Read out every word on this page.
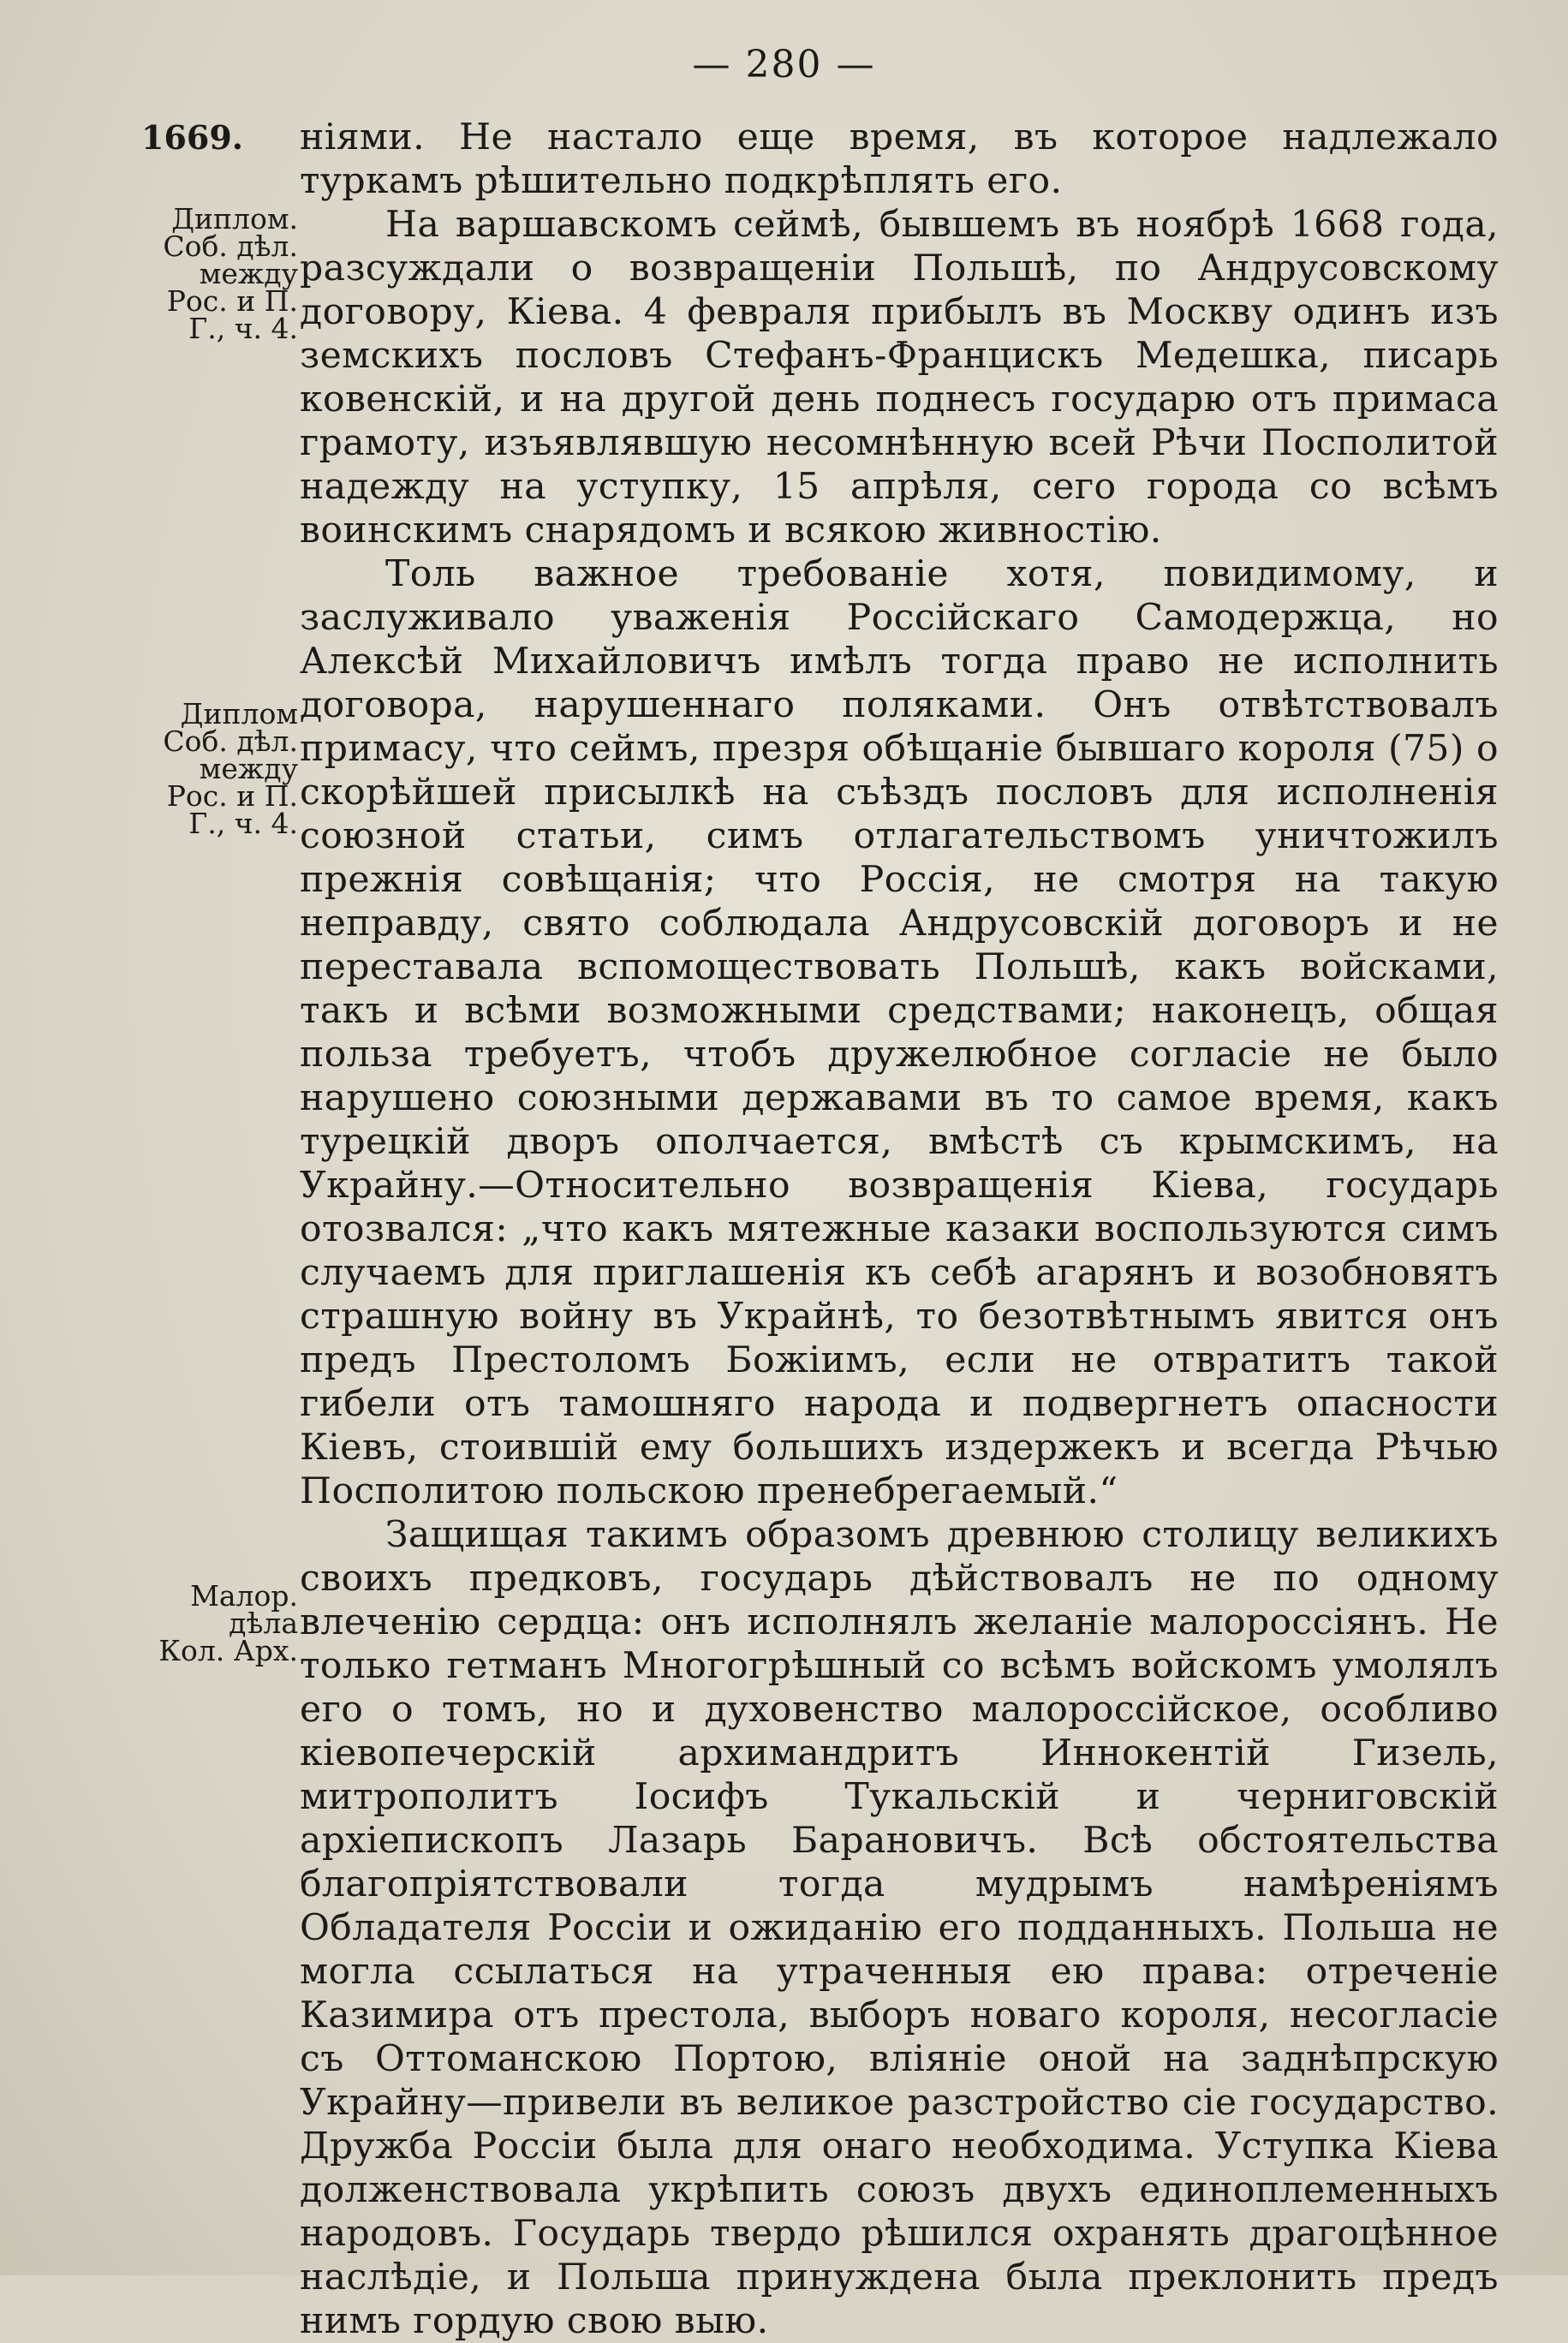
— 280 —
1669.
Диплом.
Соб. дѣл.
между
Рос. и П.
Г., ч. 4.
Диплом
Соб. дѣл.
между
Рос. и П.
Г., ч. 4.
Малор.
дѣла
Кол. Арх.

ніями. Не настало еще время, въ которое надлежало туркамъ рѣшительно подкрѣплять его.

На варшавскомъ сеймѣ, бывшемъ въ ноябрѣ 1668 года, разсуждали о возвращеніи Польшѣ, по Андрусовскому договору, Кіева. 4 февраля прибылъ въ Москву одинъ изъ земскихъ пословъ Стефанъ-Францискъ Медешка, писарь ковенскій, и на другой день поднесъ государю отъ примаса грамоту, изъявлявшую несомнѣнную всей Рѣчи Посполитой надежду на уступку, 15 апрѣля, сего города со всѣмъ воинскимъ снарядомъ и всякою живностію.

Толь важное требованіе хотя, повидимому, и заслуживало уваженія Россійскаго Самодержца, но Алексѣй Михайловичъ имѣлъ тогда право не исполнить договора, нарушеннаго поляками. Онъ отвѣтствовалъ примасу, что сеймъ, презря обѣщаніе бывшаго короля (75) о скорѣйшей присылкѣ на съѣздъ пословъ для исполненія союзной статьи, симъ отлагательствомъ уничтожилъ прежнія совѣщанія; что Россія, не смотря на такую неправду, свято соблюдала Андрусовскій договоръ и не переставала вспомоществовать Польшѣ, какъ войсками, такъ и всѣми возможными средствами; наконецъ, общая польза требуетъ, чтобъ дружелюбное согласіе не было нарушено союзными державами въ то самое время, какъ турецкій дворъ ополчается, вмѣстѣ съ крымскимъ, на Украйну.—Относительно возвращенія Кіева, государь отозвался: „что какъ мятежные казаки воспользуются симъ случаемъ для приглашенія къ себѣ агарянъ и возобновятъ страшную войну въ Украйнѣ, то безотвѣтнымъ явится онъ предъ Престоломъ Божіимъ, если не отвратитъ такой гибели отъ тамошняго народа и подвергнетъ опасности Кіевъ, стоившій ему большихъ издержекъ и всегда Рѣчью Посполитою польскою пренебрегаемый.“

Защищая такимъ образомъ древнюю столицу великихъ своихъ предковъ, государь дѣйствовалъ не по одному влеченію сердца: онъ исполнялъ желаніе малороссіянъ. Не только гетманъ Многогрѣшный со всѣмъ войскомъ умолялъ его о томъ, но и духовенство малороссійское, особливо кіевопечерскій архимандритъ Иннокентій Гизель, митрополитъ Іосифъ Тукальскій и черниговскій архіепископъ Лазарь Барановичъ. Всѣ обстоятельства благопріятствовали тогда мудрымъ намѣреніямъ Обладателя Россіи и ожиданію его подданныхъ. Польша не могла ссылаться на утраченныя ею права: отреченіе Казимира отъ престола, выборъ новаго короля, несогласіе съ Оттоманскою Портою, вліяніе оной на заднѣпрскую Украйну—привели въ великое разстройство сіе государство. Дружба Россіи была для онаго необходима. Уступка Кіева долженствовала укрѣпить союзъ двухъ единоплеменныхъ народовъ. Государь твердо рѣшился охранять драгоцѣнное наслѣдіе, и Польша принуждена была преклонить предъ нимъ гордую свою выю.
